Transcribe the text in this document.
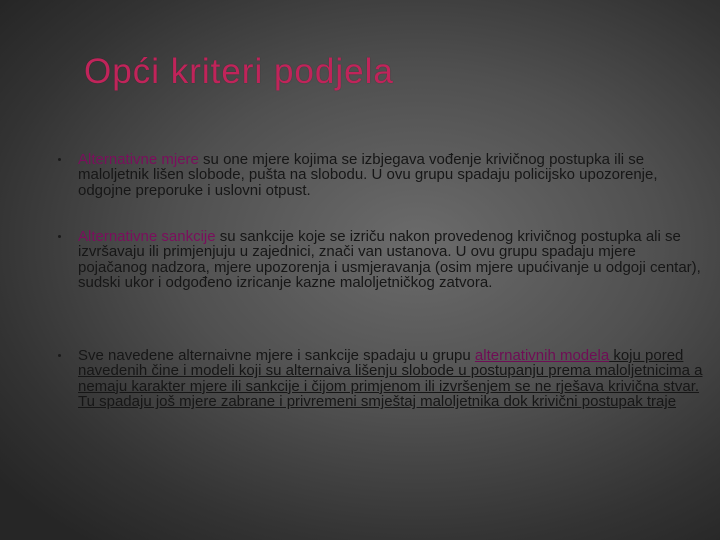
Opći kriteri podjela
Alternativne mjere su one mjere kojima se izbjegava vođenje krivičnog postupka ili se maloljetnik lišen slobode, pušta na slobodu. U ovu grupu spadaju policijsko upozorenje, odgojne preporuke i uslovni otpust.
Alternativne sankcije su sankcije koje se izriču nakon provedenog krivičnog postupka ali se izvršavaju ili primjenjuju u zajednici, znači van ustanova. U ovu grupu spadaju mjere pojačanog nadzora, mjere upozorenja i usmjeravanja (osim mjere upućivanje u odgoji centar), sudski ukor i odgođeno izricanje kazne maloljetničkog zatvora.
Sve navedene alternaivne mjere i sankcije spadaju u grupu alternativnih modela koju pored navedenih čine i modeli koji su alternaiva lišenju slobode u postupanju prema maloljetnicima a nemaju karakter mjere ili sankcije i čijom primjenom ili izvršenjem se ne rješava krivična stvar. Tu spadaju još mjere zabrane i privremeni smještaj maloljetnika dok krivični postupak traje
